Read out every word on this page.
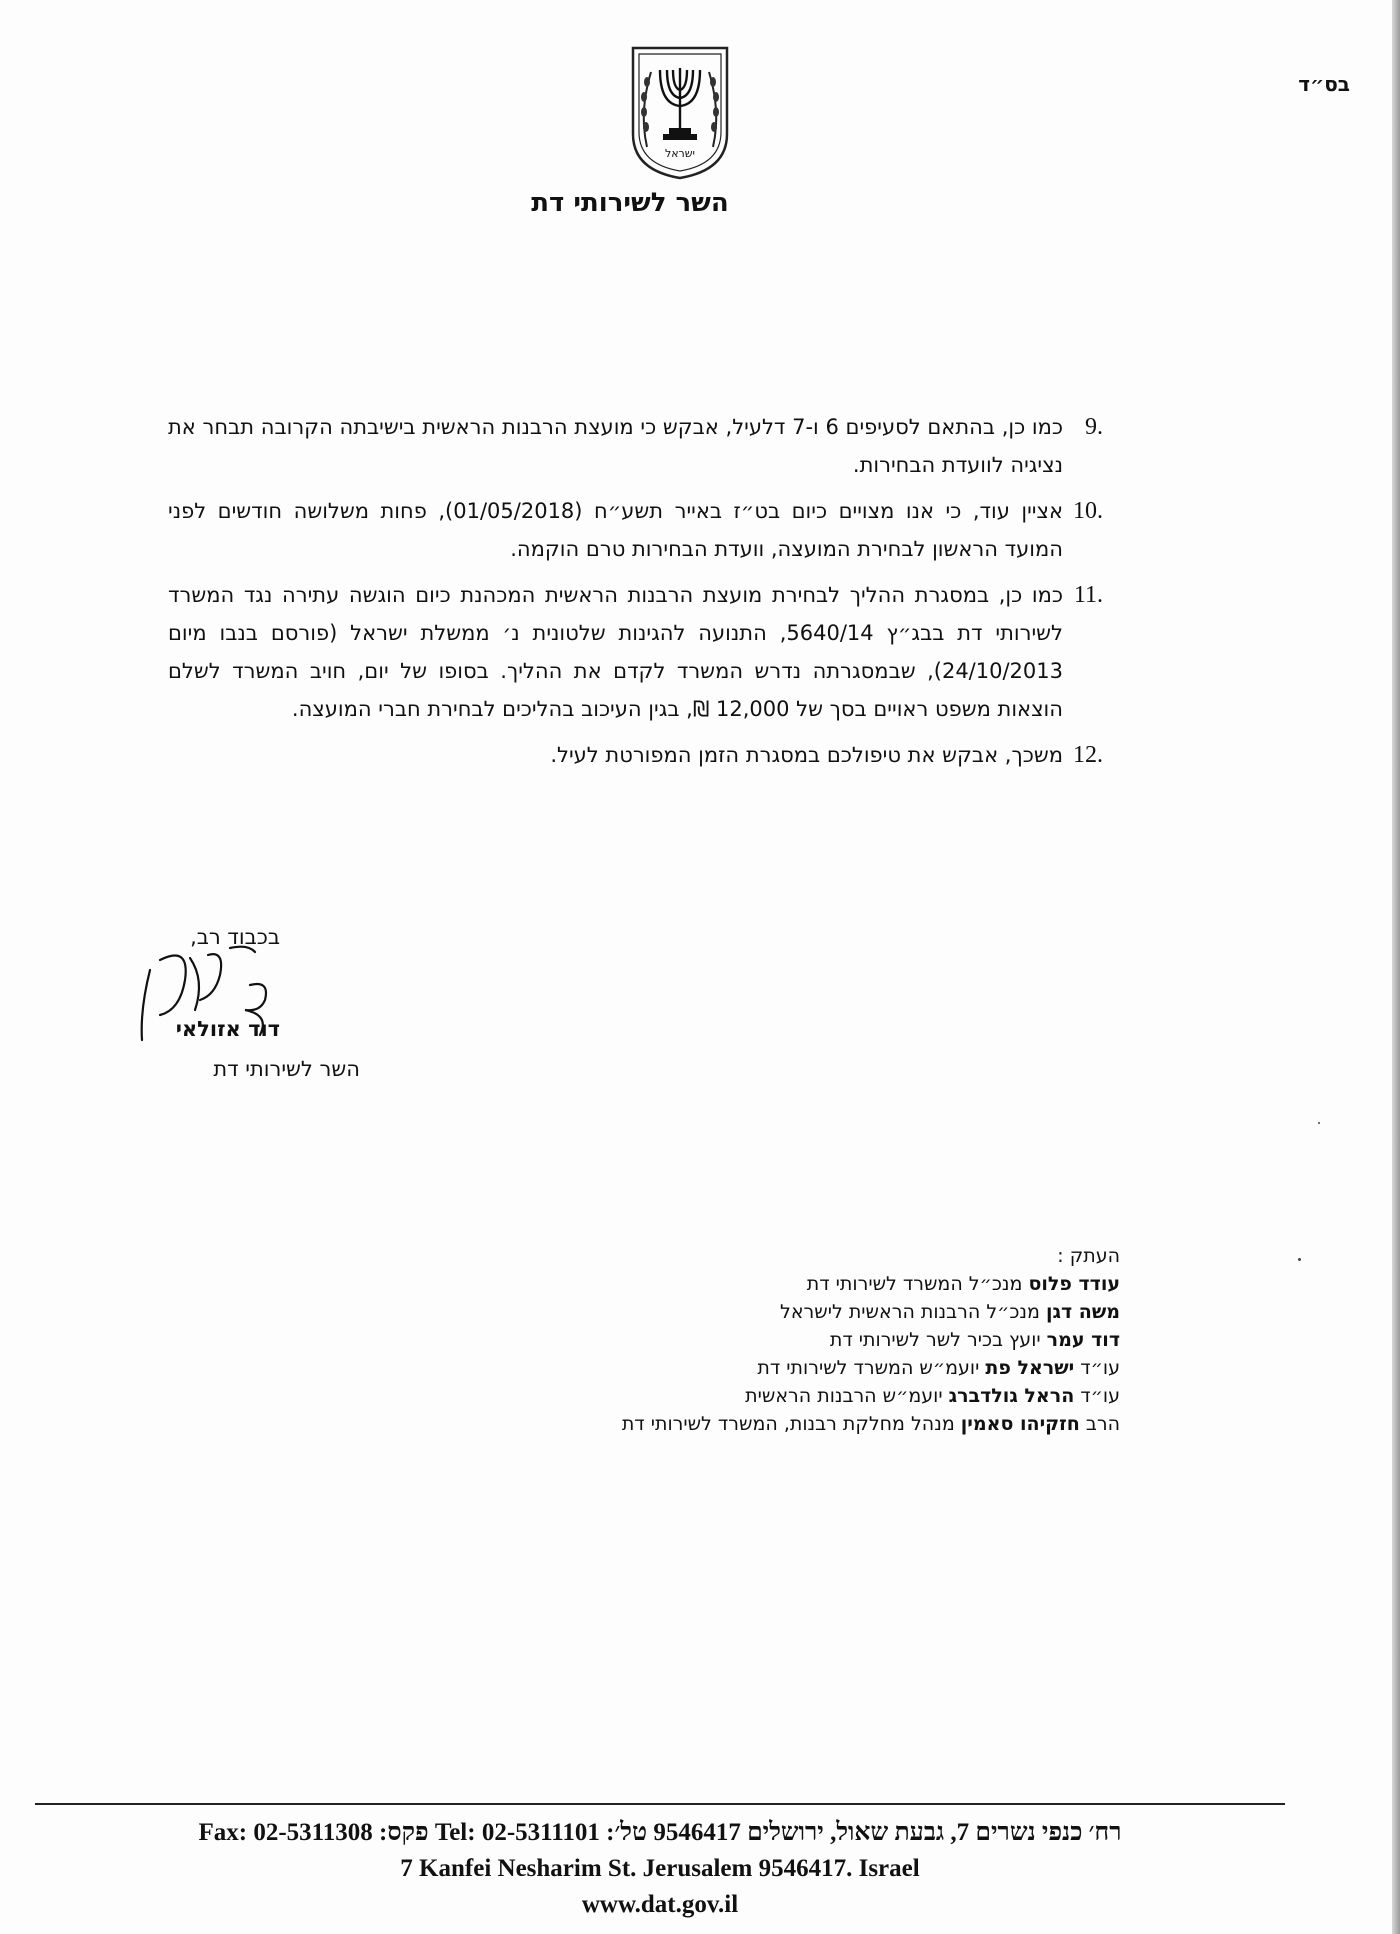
בס״ד
ישראל
השר לשירותי דת
.9
כמו כן, בהתאם לסעיפים 6 ו-7 דלעיל, אבקש כי מועצת הרבנות הראשית בישיבתה הקרובה תבחר את נציגיה לוועדת הבחירות.
.10
אציין עוד, כי אנו מצויים כיום בט״ז באייר תשע״ח (01/05/2018), פחות משלושה חודשים לפני המועד הראשון לבחירת המועצה, וועדת הבחירות טרם הוקמה.
.11
כמו כן, במסגרת ההליך לבחירת מועצת הרבנות הראשית המכהנת כיום הוגשה עתירה נגד המשרד לשירותי דת בבג״ץ 5640/14, התנועה להגינות שלטונית נ׳ ממשלת ישראל (פורסם בנבו מיום 24/10/2013), שבמסגרתה נדרש המשרד לקדם את ההליך. בסופו של יום, חויב המשרד לשלם הוצאות משפט ראויים בסך של 12,000 ₪, בגין העיכוב בהליכים לבחירת חברי המועצה.
.12
משכך, אבקש את טיפולכם במסגרת הזמן המפורטת לעיל.
בכבוד רב,
דוד אזולאי
השר לשירותי דת
העתק :
עודד פלוס מנכ״ל המשרד לשירותי דת
משה דגן מנכ״ל הרבנות הראשית לישראל
דוד עמר יועץ בכיר לשר לשירותי דת
עו״ד ישראל פת יועמ״ש המשרד לשירותי דת
עו״ד הראל גולדברג יועמ״ש הרבנות הראשית
הרב חזקיהו סאמין מנהל מחלקת רבנות, המשרד לשירותי דת
רח׳ כנפי נשרים 7, גבעת שאול, ירושלים 9546417 טל׳: 02-5311101 :Tel פקס: 02-5311308 :Fax
7 Kanfei Nesharim St. Jerusalem 9546417. Israel
www.dat.gov.il
